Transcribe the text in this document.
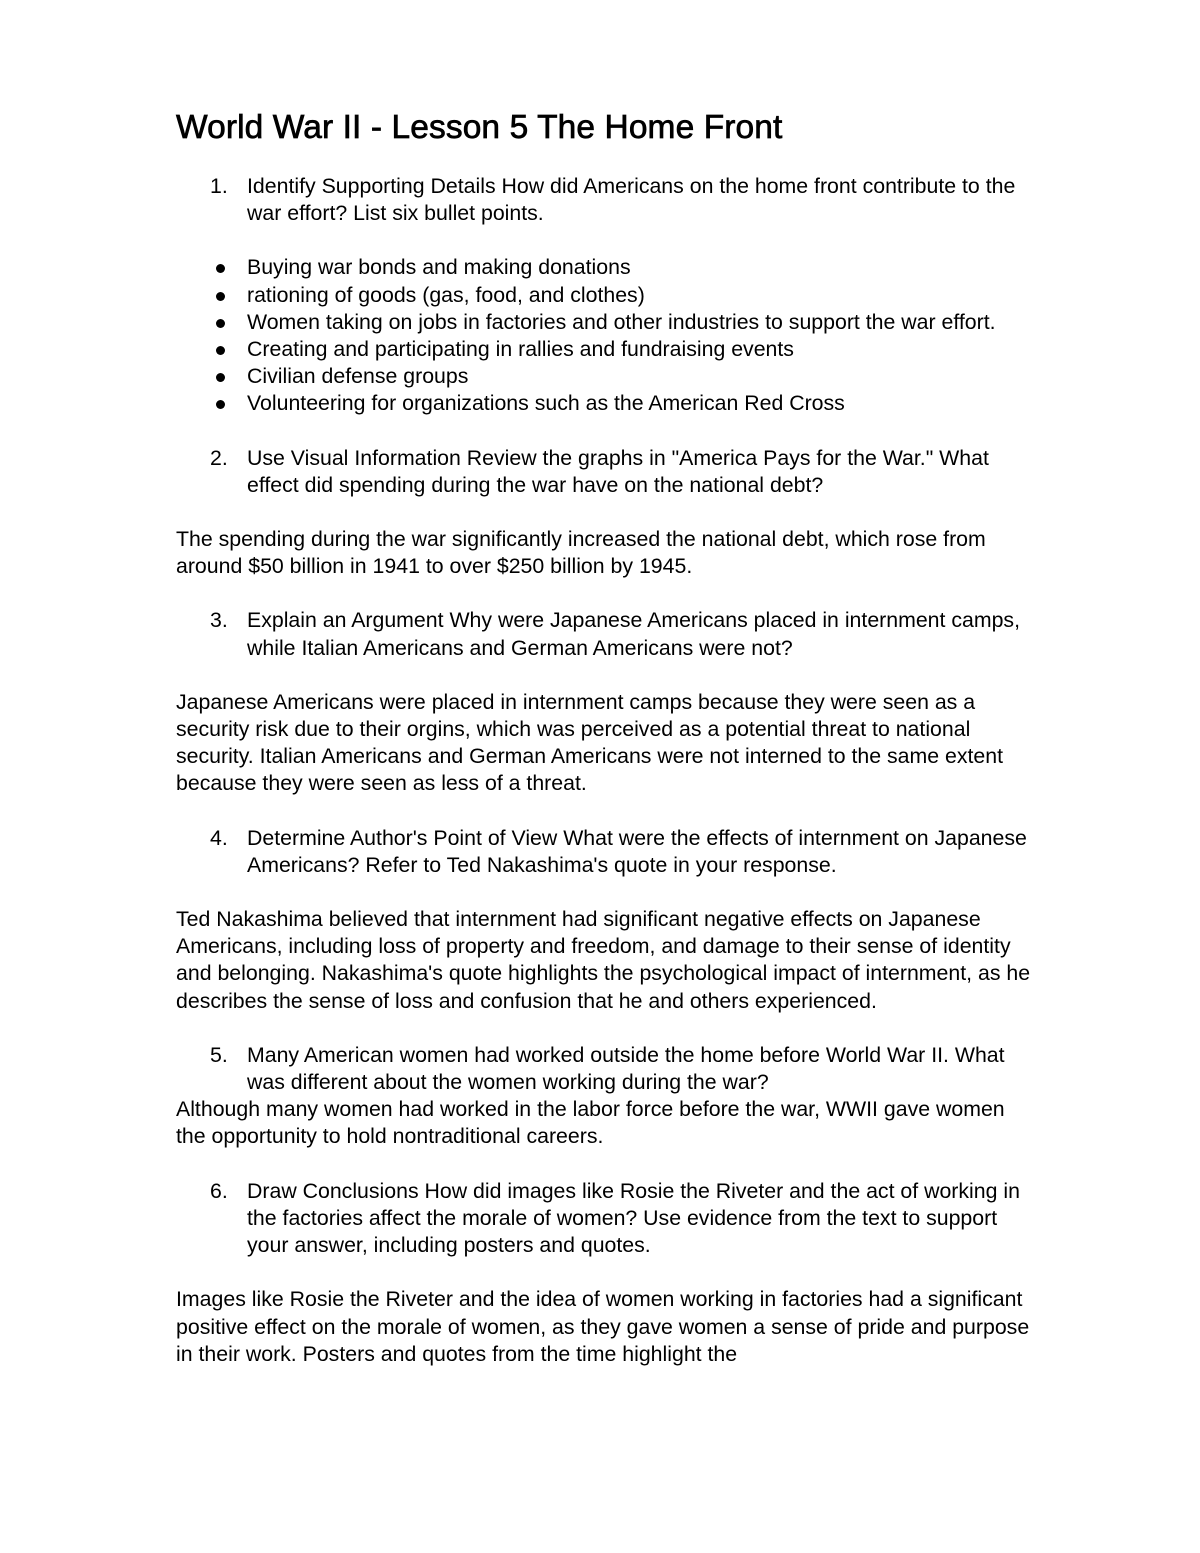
World War II - Lesson 5 The Home Front

1. Identify Supporting Details How did Americans on the home front contribute to the war effort? List six bullet points.

Buying war bonds and making donations
rationing of goods (gas, food, and clothes)
Women taking on jobs in factories and other industries to support the war effort.
Creating and participating in rallies and fundraising events
Civilian defense groups
Volunteering for organizations such as the American Red Cross

2. Use Visual Information Review the graphs in "America Pays for the War." What effect did spending during the war have on the national debt?

The spending during the war significantly increased the national debt, which rose from around $50 billion in 1941 to over $250 billion by 1945.

3. Explain an Argument Why were Japanese Americans placed in internment camps, while Italian Americans and German Americans were not?

Japanese Americans were placed in internment camps because they were seen as a security risk due to their orgins, which was perceived as a potential threat to national security. Italian Americans and German Americans were not interned to the same extent because they were seen as less of a threat.

4. Determine Author's Point of View What were the effects of internment on Japanese Americans? Refer to Ted Nakashima's quote in your response.

Ted Nakashima believed that internment had significant negative effects on Japanese Americans, including loss of property and freedom, and damage to their sense of identity and belonging. Nakashima's quote highlights the psychological impact of internment, as he describes the sense of loss and confusion that he and others experienced.

5. Many American women had worked outside the home before World War II. What was different about the women working during the war?

Although many women had worked in the labor force before the war, WWII gave women the opportunity to hold nontraditional careers.

6. Draw Conclusions How did images like Rosie the Riveter and the act of working in the factories affect the morale of women? Use evidence from the text to support your answer, including posters and quotes.

Images like Rosie the Riveter and the idea of women working in factories had a significant positive effect on the morale of women, as they gave women a sense of pride and purpose in their work. Posters and quotes from the time highlight the
